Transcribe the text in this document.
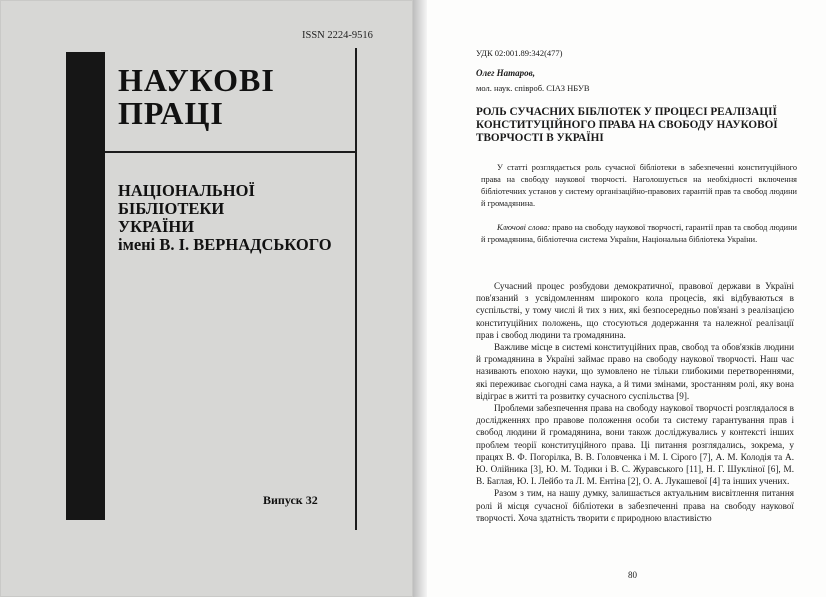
ISSN 2224-9516
НАУКОВІ
ПРАЦІ
НАЦІОНАЛЬНОЇ
БІБЛІОТЕКИ
УКРАЇНИ
імені В. І. ВЕРНАДСЬКОГО
Випуск 32
УДК 02:001.89:342(477)
Олег Натаров,
мол. наук. співроб. СІАЗ НБУВ
РОЛЬ СУЧАСНИХ БІБЛІОТЕК У ПРОЦЕСІ РЕАЛІЗАЦІЇ КОНСТИТУЦІЙНОГО ПРАВА НА СВОБОДУ НАУКОВОЇ ТВОРЧОСТІ В УКРАЇНІ
У статті розглядається роль сучасної бібліотеки в забезпеченні конституційного права на свободу наукової творчості. Наголошується на необхідності включення бібліотечних установ у систему організаційно-правових гарантій прав та свобод людини й громадянина.
Ключові слова: право на свободу наукової творчості, гарантії прав та свобод людини й громадянина, бібліотечна система України, Національна бібліотека України.

Сучасний процес розбудови демократичної, правової держави в Україні пов'язаний з усвідомленням широкого кола процесів, які відбуваються в суспільстві, у тому числі й тих з них, які безпосередньо пов'язані з реалізацією конституційних положень, що стосуються додержання та належної реалізації прав і свобод людини та громадянина.

Важливе місце в системі конституційних прав, свобод та обов'язків людини й громадянина в Україні займає право на свободу наукової творчості. Наш час називають епохою науки, що зумовлено не тільки глибокими перетвореннями, які переживає сьогодні сама наука, а й тими змінами, зростанням ролі, яку вона відіграє в житті та розвитку сучасного суспільства [9].

Проблеми забезпечення права на свободу наукової творчості розглядалося в дослідженнях про правове положення особи та систему гарантування прав і свобод людини й громадянина, вони також досліджувались у контексті інших проблем теорії конституційного права. Ці питання розглядались, зокрема, у працях В. Ф. Погорілка, В. В. Головченка і М. І. Сірого [7], А. М. Колодія та А. Ю. Олійника [3], Ю. М. Тодики і В. С. Журавського [11], Н. Г. Шукліної [6], М. В. Баглая, Ю. І. Лейбо та Л. М. Ентіна [2], О. А. Лукашевої [4] та інших учених.

Разом з тим, на нашу думку, залишається актуальним висвітлення питання ролі й місця сучасної бібліотеки в забезпеченні права на свободу наукової творчості. Хоча здатність творити є природною властивістю

80
